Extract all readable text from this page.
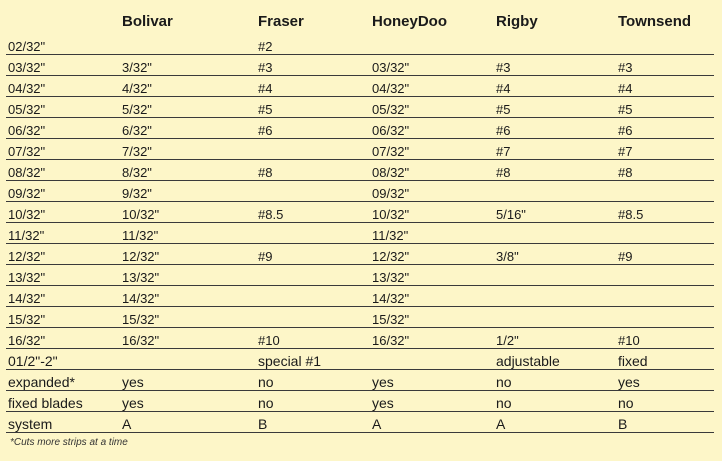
	Bolivar	Fraser	HoneyDoo	Rigby	Townsend
02/32"		#2			
03/32"	3/32"	#3	03/32"	#3	#3
04/32"	4/32"	#4	04/32"	#4	#4
05/32"	5/32"	#5	05/32"	#5	#5
06/32"	6/32"	#6	06/32"	#6	#6
07/32"	7/32"		07/32"	#7	#7
08/32"	8/32"	#8	08/32"	#8	#8
09/32"	9/32"		09/32"		
10/32"	10/32"	#8.5	10/32"	5/16"	#8.5
11/32"	11/32"		11/32"		
12/32"	12/32"	#9	12/32"	3/8"	#9
13/32"	13/32"		13/32"		
14/32"	14/32"		14/32"		
15/32"	15/32"		15/32"		
16/32"	16/32"	#10	16/32"	1/2"	#10
01/2"-2"		special #1		adjustable	fixed
expanded*	yes	no	yes	no	yes
fixed blades	yes	no	yes	no	no
system	A	B	A	A	B
*Cuts more strips at a time
